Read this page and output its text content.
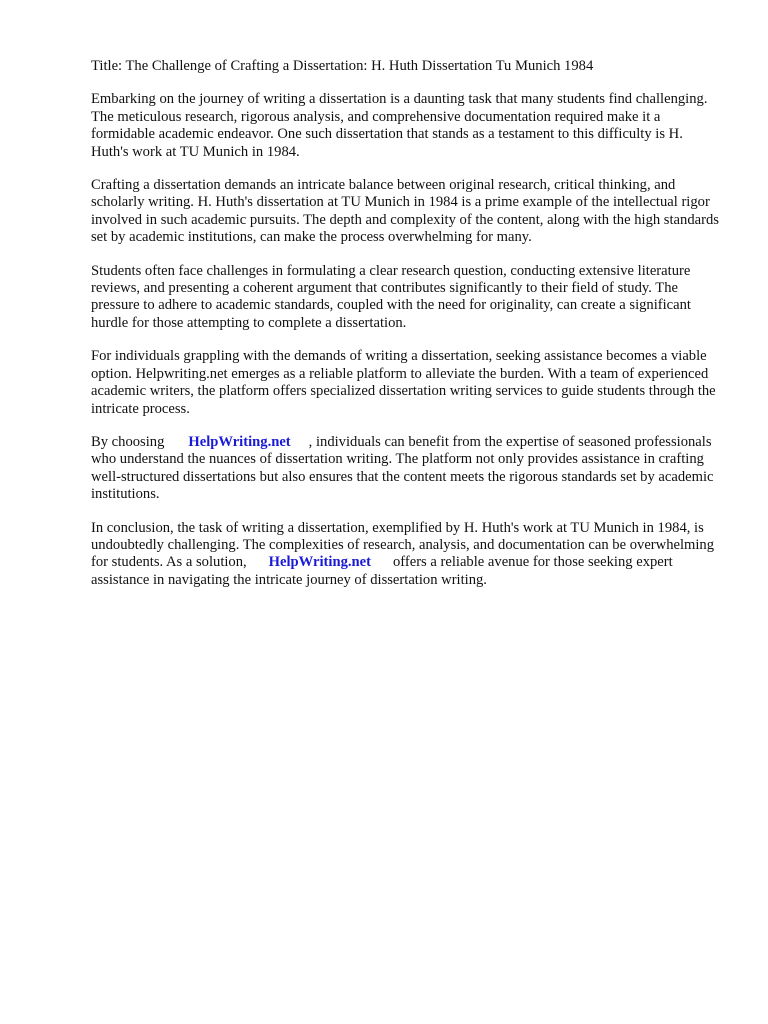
Title: The Challenge of Crafting a Dissertation: H. Huth Dissertation Tu Munich 1984

Embarking on the journey of writing a dissertation is a daunting task that many students find challenging. The meticulous research, rigorous analysis, and comprehensive documentation required make it a formidable academic endeavor. One such dissertation that stands as a testament to this difficulty is H. Huth's work at TU Munich in 1984.

Crafting a dissertation demands an intricate balance between original research, critical thinking, and scholarly writing. H. Huth's dissertation at TU Munich in 1984 is a prime example of the intellectual rigor involved in such academic pursuits. The depth and complexity of the content, along with the high standards set by academic institutions, can make the process overwhelming for many.

Students often face challenges in formulating a clear research question, conducting extensive literature reviews, and presenting a coherent argument that contributes significantly to their field of study. The pressure to adhere to academic standards, coupled with the need for originality, can create a significant hurdle for those attempting to complete a dissertation.

For individuals grappling with the demands of writing a dissertation, seeking assistance becomes a viable option. Helpwriting.net emerges as a reliable platform to alleviate the burden. With a team of experienced academic writers, the platform offers specialized dissertation writing services to guide students through the intricate process.

By choosing HelpWriting.net , individuals can benefit from the expertise of seasoned professionals who understand the nuances of dissertation writing. The platform not only provides assistance in crafting well-structured dissertations but also ensures that the content meets the rigorous standards set by academic institutions.

In conclusion, the task of writing a dissertation, exemplified by H. Huth's work at TU Munich in 1984, is undoubtedly challenging. The complexities of research, analysis, and documentation can be overwhelming for students. As a solution, HelpWriting.net offers a reliable avenue for those seeking expert assistance in navigating the intricate journey of dissertation writing.
